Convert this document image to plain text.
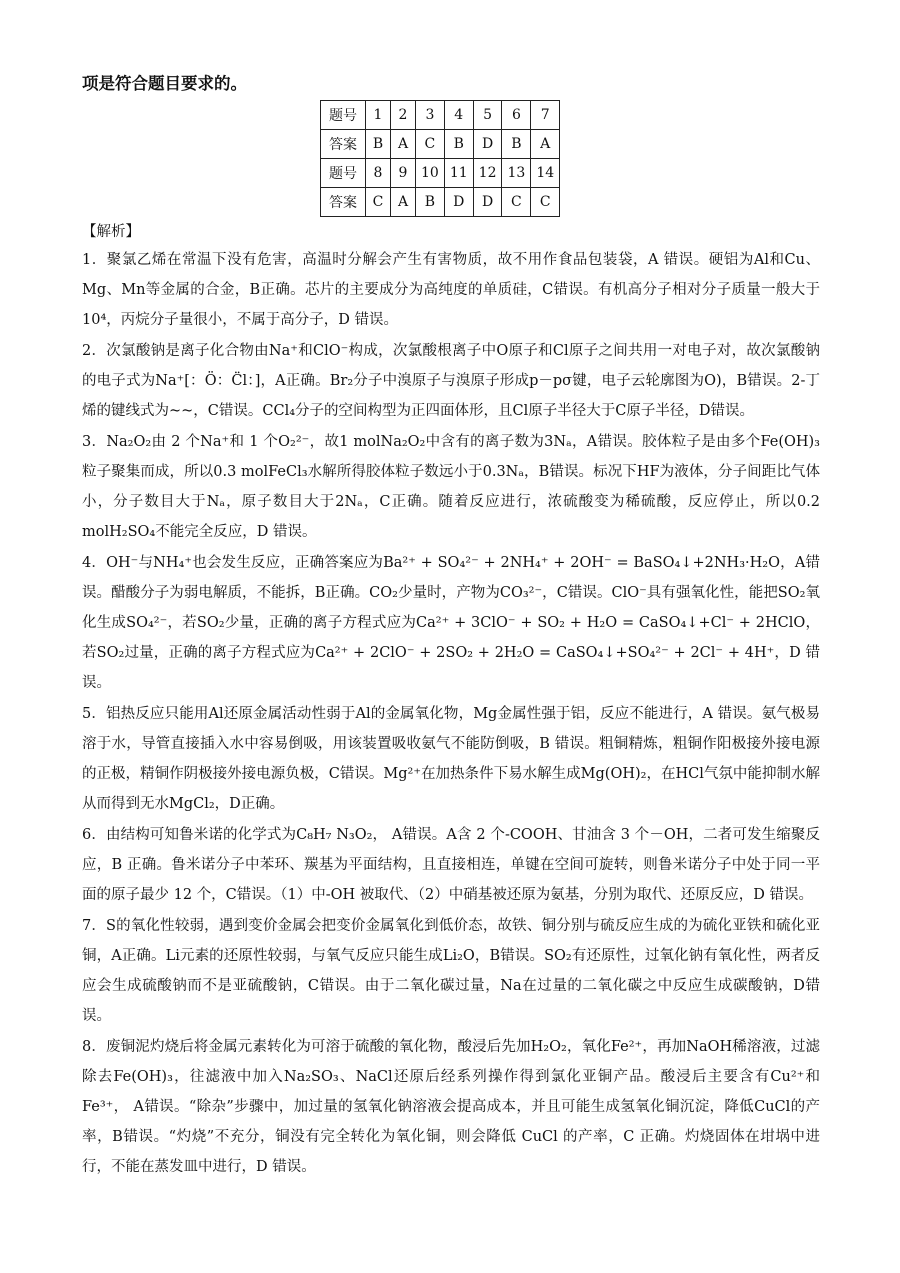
项是符合题目要求的。
题号	1	2	3	4	5	6	7
答案	B	A	C	B	D	B	A
题号	8	9	10	11	12	13	14
答案	C	A	B	D	D	C	C
【解析】
1．聚氯乙烯在常温下没有危害，高温时分解会产生有害物质，故不用作食品包装袋，A 错误。硬铝为Al和Cu、Mg、Mn等金属的合金，B正确。芯片的主要成分为高纯度的单质硅，C错误。有机高分子相对分子质量一般大于10⁴，丙烷分子量很小，不属于高分子，D 错误。
2．次氯酸钠是离子化合物由Na⁺和ClO⁻构成，次氯酸根离子中O原子和Cl原子之间共用一对电子对，故次氯酸钠的电子式为Na⁺[：Ö：C̈l：]，A正确。Br₂分子中溴原子与溴原子形成p－pσ键，电子云轮廓图为O)，B错误。2-丁烯的键线式为~~，C错误。CCl₄分子的空间构型为正四面体形，且Cl原子半径大于C原子半径，D错误。
3．Na₂O₂由 2 个Na⁺和 1 个O₂²⁻，故1 molNa₂O₂中含有的离子数为3Nₐ，A错误。胶体粒子是由多个Fe(OH)₃粒子聚集而成，所以0.3 molFeCl₃水解所得胶体粒子数远小于0.3Nₐ，B错误。标况下HF为液体，分子间距比气体小，分子数目大于Nₐ，原子数目大于2Nₐ，C正确。随着反应进行，浓硫酸变为稀硫酸，反应停止，所以0.2 molH₂SO₄不能完全反应，D 错误。
4．OH⁻与NH₄⁺也会发生反应，正确答案应为Ba²⁺ + SO₄²⁻ + 2NH₄⁺ + 2OH⁻ = BaSO₄↓+2NH₃·H₂O，A错误。醋酸分子为弱电解质，不能拆，B正确。CO₂少量时，产物为CO₃²⁻，C错误。ClO⁻具有强氧化性，能把SO₂氧化生成SO₄²⁻，若SO₂少量，正确的离子方程式应为Ca²⁺ + 3ClO⁻ + SO₂ + H₂O = CaSO₄↓+Cl⁻ + 2HClO，若SO₂过量，正确的离子方程式应为Ca²⁺ + 2ClO⁻ + 2SO₂ + 2H₂O = CaSO₄↓+SO₄²⁻ + 2Cl⁻ + 4H⁺，D 错误。
5．铝热反应只能用Al还原金属活动性弱于Al的金属氧化物，Mg金属性强于铝，反应不能进行，A 错误。氨气极易溶于水，导管直接插入水中容易倒吸，用该装置吸收氨气不能防倒吸，B 错误。粗铜精炼，粗铜作阳极接外接电源的正极，精铜作阴极接外接电源负极，C错误。Mg²⁺在加热条件下易水解生成Mg(OH)₂，在HCl气氛中能抑制水解从而得到无水MgCl₂，D正确。
6．由结构可知鲁米诺的化学式为C₈H₇ N₃O₂， A错误。A含 2 个-COOH、甘油含 3 个－OH，二者可发生缩聚反应，B 正确。鲁米诺分子中苯环、羰基为平面结构，且直接相连，单键在空间可旋转，则鲁米诺分子中处于同一平面的原子最少 12 个，C错误。（1）中-OH 被取代、（2）中硝基被还原为氨基，分别为取代、还原反应，D 错误。
7．S的氧化性较弱，遇到变价金属会把变价金属氧化到低价态，故铁、铜分别与硫反应生成的为硫化亚铁和硫化亚铜，A正确。Li元素的还原性较弱，与氧气反应只能生成Li₂O，B错误。SO₂有还原性，过氧化钠有氧化性，两者反应会生成硫酸钠而不是亚硫酸钠，C错误。由于二氧化碳过量，Na在过量的二氧化碳之中反应生成碳酸钠，D错误。
8．废铜泥灼烧后将金属元素转化为可溶于硫酸的氧化物，酸浸后先加H₂O₂，氧化Fe²⁺，再加NaOH稀溶液，过滤除去Fe(OH)₃，往滤液中加入Na₂SO₃、NaCl还原后经系列操作得到氯化亚铜产品。酸浸后主要含有Cu²⁺和Fe³⁺， A错误。“除杂”步骤中，加过量的氢氧化钠溶液会提高成本，并且可能生成氢氧化铜沉淀，降低CuCl的产率，B错误。“灼烧”不充分，铜没有完全转化为氧化铜，则会降低 CuCl 的产率，C 正确。灼烧固体在坩埚中进行，不能在蒸发皿中进行，D 错误。
